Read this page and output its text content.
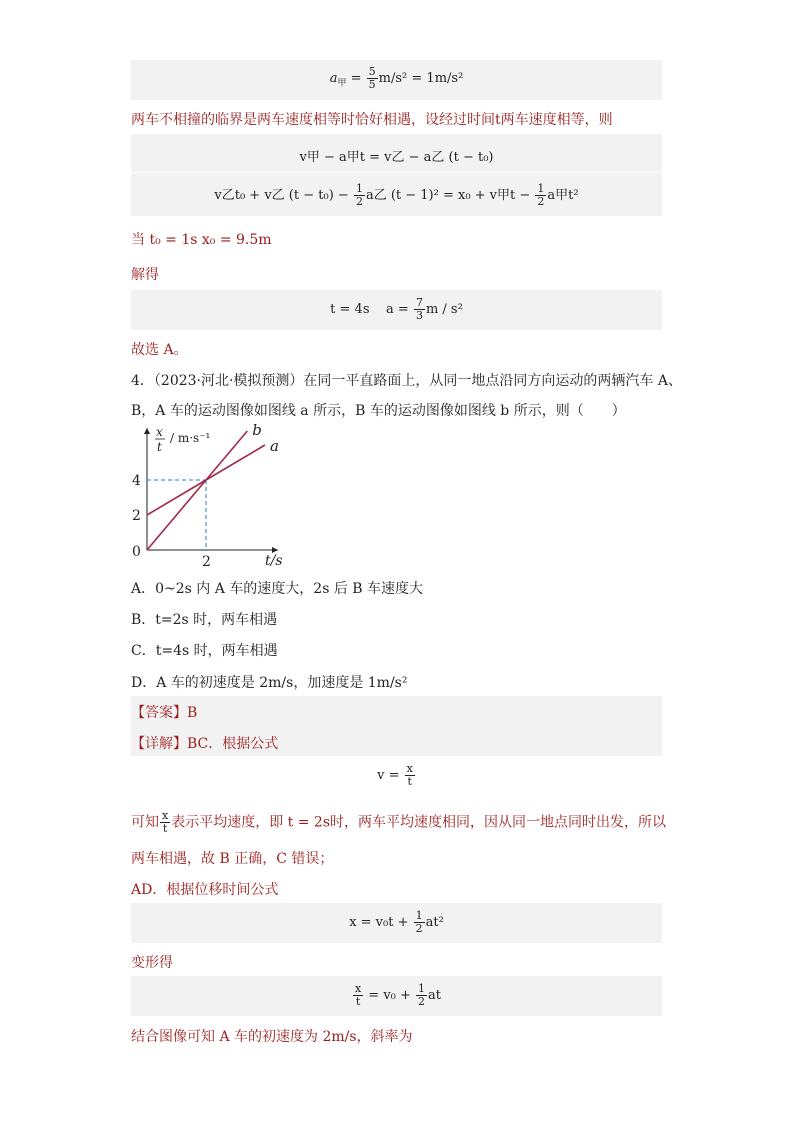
$a_甲 = \frac{5}{5} m/s^2 = 1m/s^2$
两车不相撞的临界是两车速度相等时恰好相遇，设经过时间t两车速度相等，则
v甲 − a甲t = v乙 − a乙 (t − t₀)
v乙t₀ + v乙 $(t - t_0) - \frac{1}{2}$ a乙 (t − 1)² = x₀ + v甲$t - \frac{1}{2}$ a甲t²
当 t₀ = 1s x₀ = 9.5m
解得
t = 4s $a = \frac{7}{3}$ m / s²
故选 A。
4．（2023·河北·模拟预测）在同一平直路面上，从同一地点沿同方向运动的两辆汽车 A、
B，A 车的运动图像如图线 a 所示，B 车的运动图像如图线 b 所示，则（　　）
a
b
2
4
0
2	t/s
x
t
/ m·s⁻¹
A．0~2s 内 A 车的速度大，2s 后 B 车速度大
B．t=2s 时，两车相遇
C．t=4s 时，两车相遇
D．A 车的初速度是 2m/s，加速度是 1m/s²
【答案】B
【详解】BC．根据公式
$v = \frac{x}{t}$
可知 $\frac{x}{t}$ 表示平均速度，即 t = 2s时，两车平均速度相同，因从同一地点同时出发，所以
两车相遇，故 B 正确，C 错误；
AD．根据位移时间公式
$x = v_0t + \frac{1}{2} at^2$
变形得
$\frac{x}{t} = v_0 + \frac{1}{2}$ at
结合图像可知 A 车的初速度为 2m/s，斜率为
